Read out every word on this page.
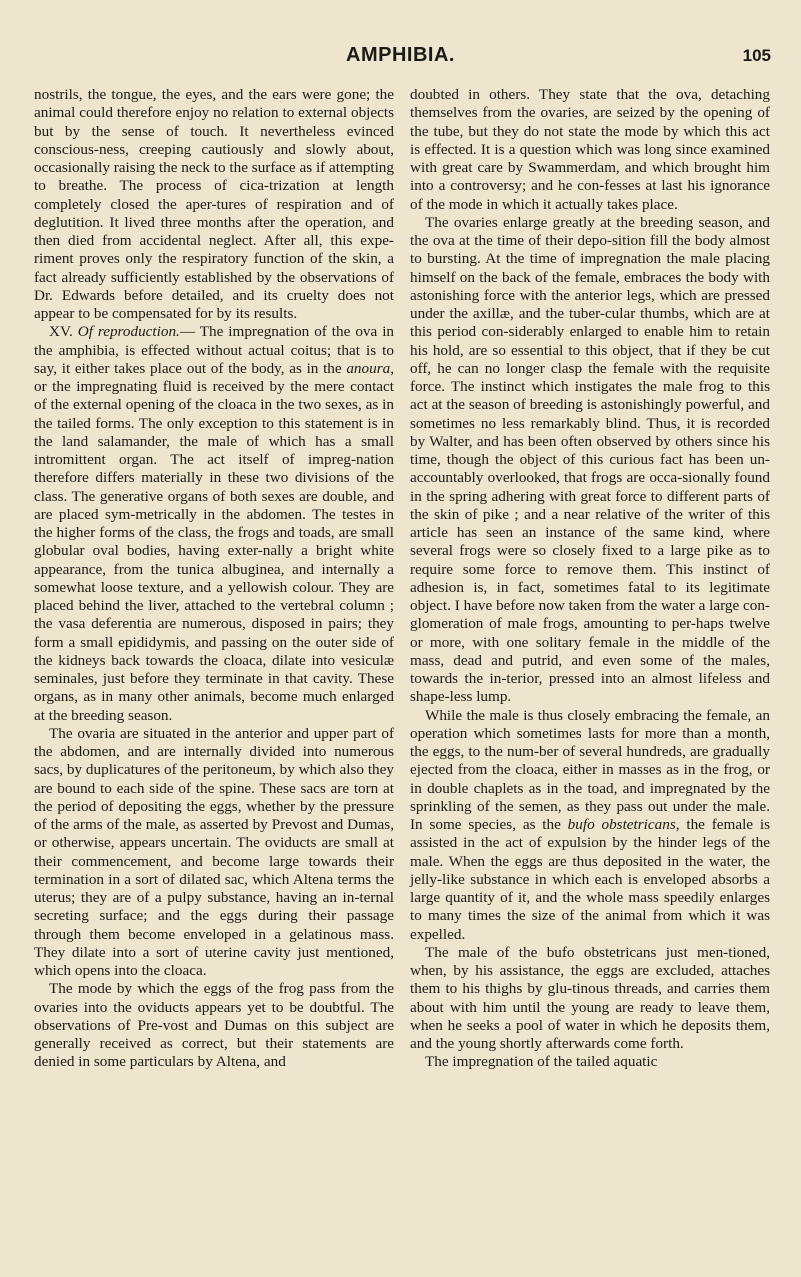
AMPHIBIA.	105

nostrils, the tongue, the eyes, and the ears were gone; the animal could therefore enjoy no relation to external objects but by the sense of touch. It nevertheless evinced conscious-ness, creeping cautiously and slowly about, occasionally raising the neck to the surface as if attempting to breathe. The process of cica-trization at length completely closed the aper-tures of respiration and of deglutition. It lived three months after the operation, and then died from accidental neglect. After all, this expe-riment proves only the respiratory function of the skin, a fact already sufficiently established by the observations of Dr. Edwards before detailed, and its cruelty does not appear to be compensated for by its results.

XV. Of reproduction.— The impregnation of the ova in the amphibia, is effected without actual coitus; that is to say, it either takes place out of the body, as in the anoura, or the impregnating fluid is received by the mere contact of the external opening of the cloaca in the two sexes, as in the tailed forms. The only exception to this statement is in the land salamander, the male of which has a small intromittent organ. The act itself of impreg-nation therefore differs materially in these two divisions of the class. The generative organs of both sexes are double, and are placed sym-metrically in the abdomen. The testes in the higher forms of the class, the frogs and toads, are small globular oval bodies, having exter-nally a bright white appearance, from the tunica albuginea, and internally a somewhat loose texture, and a yellowish colour. They are placed behind the liver, attached to the vertebral column ; the vasa deferentia are numerous, disposed in pairs; they form a small epididymis, and passing on the outer side of the kidneys back towards the cloaca, dilate into vesiculæ seminales, just before they terminate in that cavity. These organs, as in many other animals, become much enlarged at the breeding season.

The ovaria are situated in the anterior and upper part of the abdomen, and are internally divided into numerous sacs, by duplicatures of the peritoneum, by which also they are bound to each side of the spine. These sacs are torn at the period of depositing the eggs, whether by the pressure of the arms of the male, as asserted by Prevost and Dumas, or otherwise, appears uncertain. The oviducts are small at their commencement, and become large towards their termination in a sort of dilated sac, which Altena terms the uterus; they are of a pulpy substance, having an in-ternal secreting surface; and the eggs during their passage through them become enveloped in a gelatinous mass. They dilate into a sort of uterine cavity just mentioned, which opens into the cloaca.

The mode by which the eggs of the frog pass from the ovaries into the oviducts appears yet to be doubtful. The observations of Pre-vost and Dumas on this subject are generally received as correct, but their statements are denied in some particulars by Altena, and

doubted in others. They state that the ova, detaching themselves from the ovaries, are seized by the opening of the tube, but they do not state the mode by which this act is effected. It is a question which was long since examined with great care by Swammerdam, and which brought him into a controversy; and he con-fesses at last his ignorance of the mode in which it actually takes place.

The ovaries enlarge greatly at the breeding season, and the ova at the time of their depo-sition fill the body almost to bursting. At the time of impregnation the male placing himself on the back of the female, embraces the body with astonishing force with the anterior legs, which are pressed under the axillæ, and the tuber-cular thumbs, which are at this period con-siderably enlarged to enable him to retain his hold, are so essential to this object, that if they be cut off, he can no longer clasp the female with the requisite force. The instinct which instigates the male frog to this act at the season of breeding is astonishingly powerful, and sometimes no less remarkably blind. Thus, it is recorded by Walter, and has been often observed by others since his time, though the object of this curious fact has been un-accountably overlooked, that frogs are occa-sionally found in the spring adhering with great force to different parts of the skin of pike ; and a near relative of the writer of this article has seen an instance of the same kind, where several frogs were so closely fixed to a large pike as to require some force to remove them. This instinct of adhesion is, in fact, sometimes fatal to its legitimate object. I have before now taken from the water a large con-glomeration of male frogs, amounting to per-haps twelve or more, with one solitary female in the middle of the mass, dead and putrid, and even some of the males, towards the in-terior, pressed into an almost lifeless and shape-less lump.

While the male is thus closely embracing the female, an operation which sometimes lasts for more than a month, the eggs, to the num-ber of several hundreds, are gradually ejected from the cloaca, either in masses as in the frog, or in double chaplets as in the toad, and impregnated by the sprinkling of the semen, as they pass out under the male. In some species, as the bufo obstetricans, the female is assisted in the act of expulsion by the hinder legs of the male. When the eggs are thus deposited in the water, the jelly-like substance in which each is enveloped absorbs a large quantity of it, and the whole mass speedily enlarges to many times the size of the animal from which it was expelled.

The male of the bufo obstetricans just men-tioned, when, by his assistance, the eggs are excluded, attaches them to his thighs by glu-tinous threads, and carries them about with him until the young are ready to leave them, when he seeks a pool of water in which he deposits them, and the young shortly afterwards come forth.

The impregnation of the tailed aquatic
